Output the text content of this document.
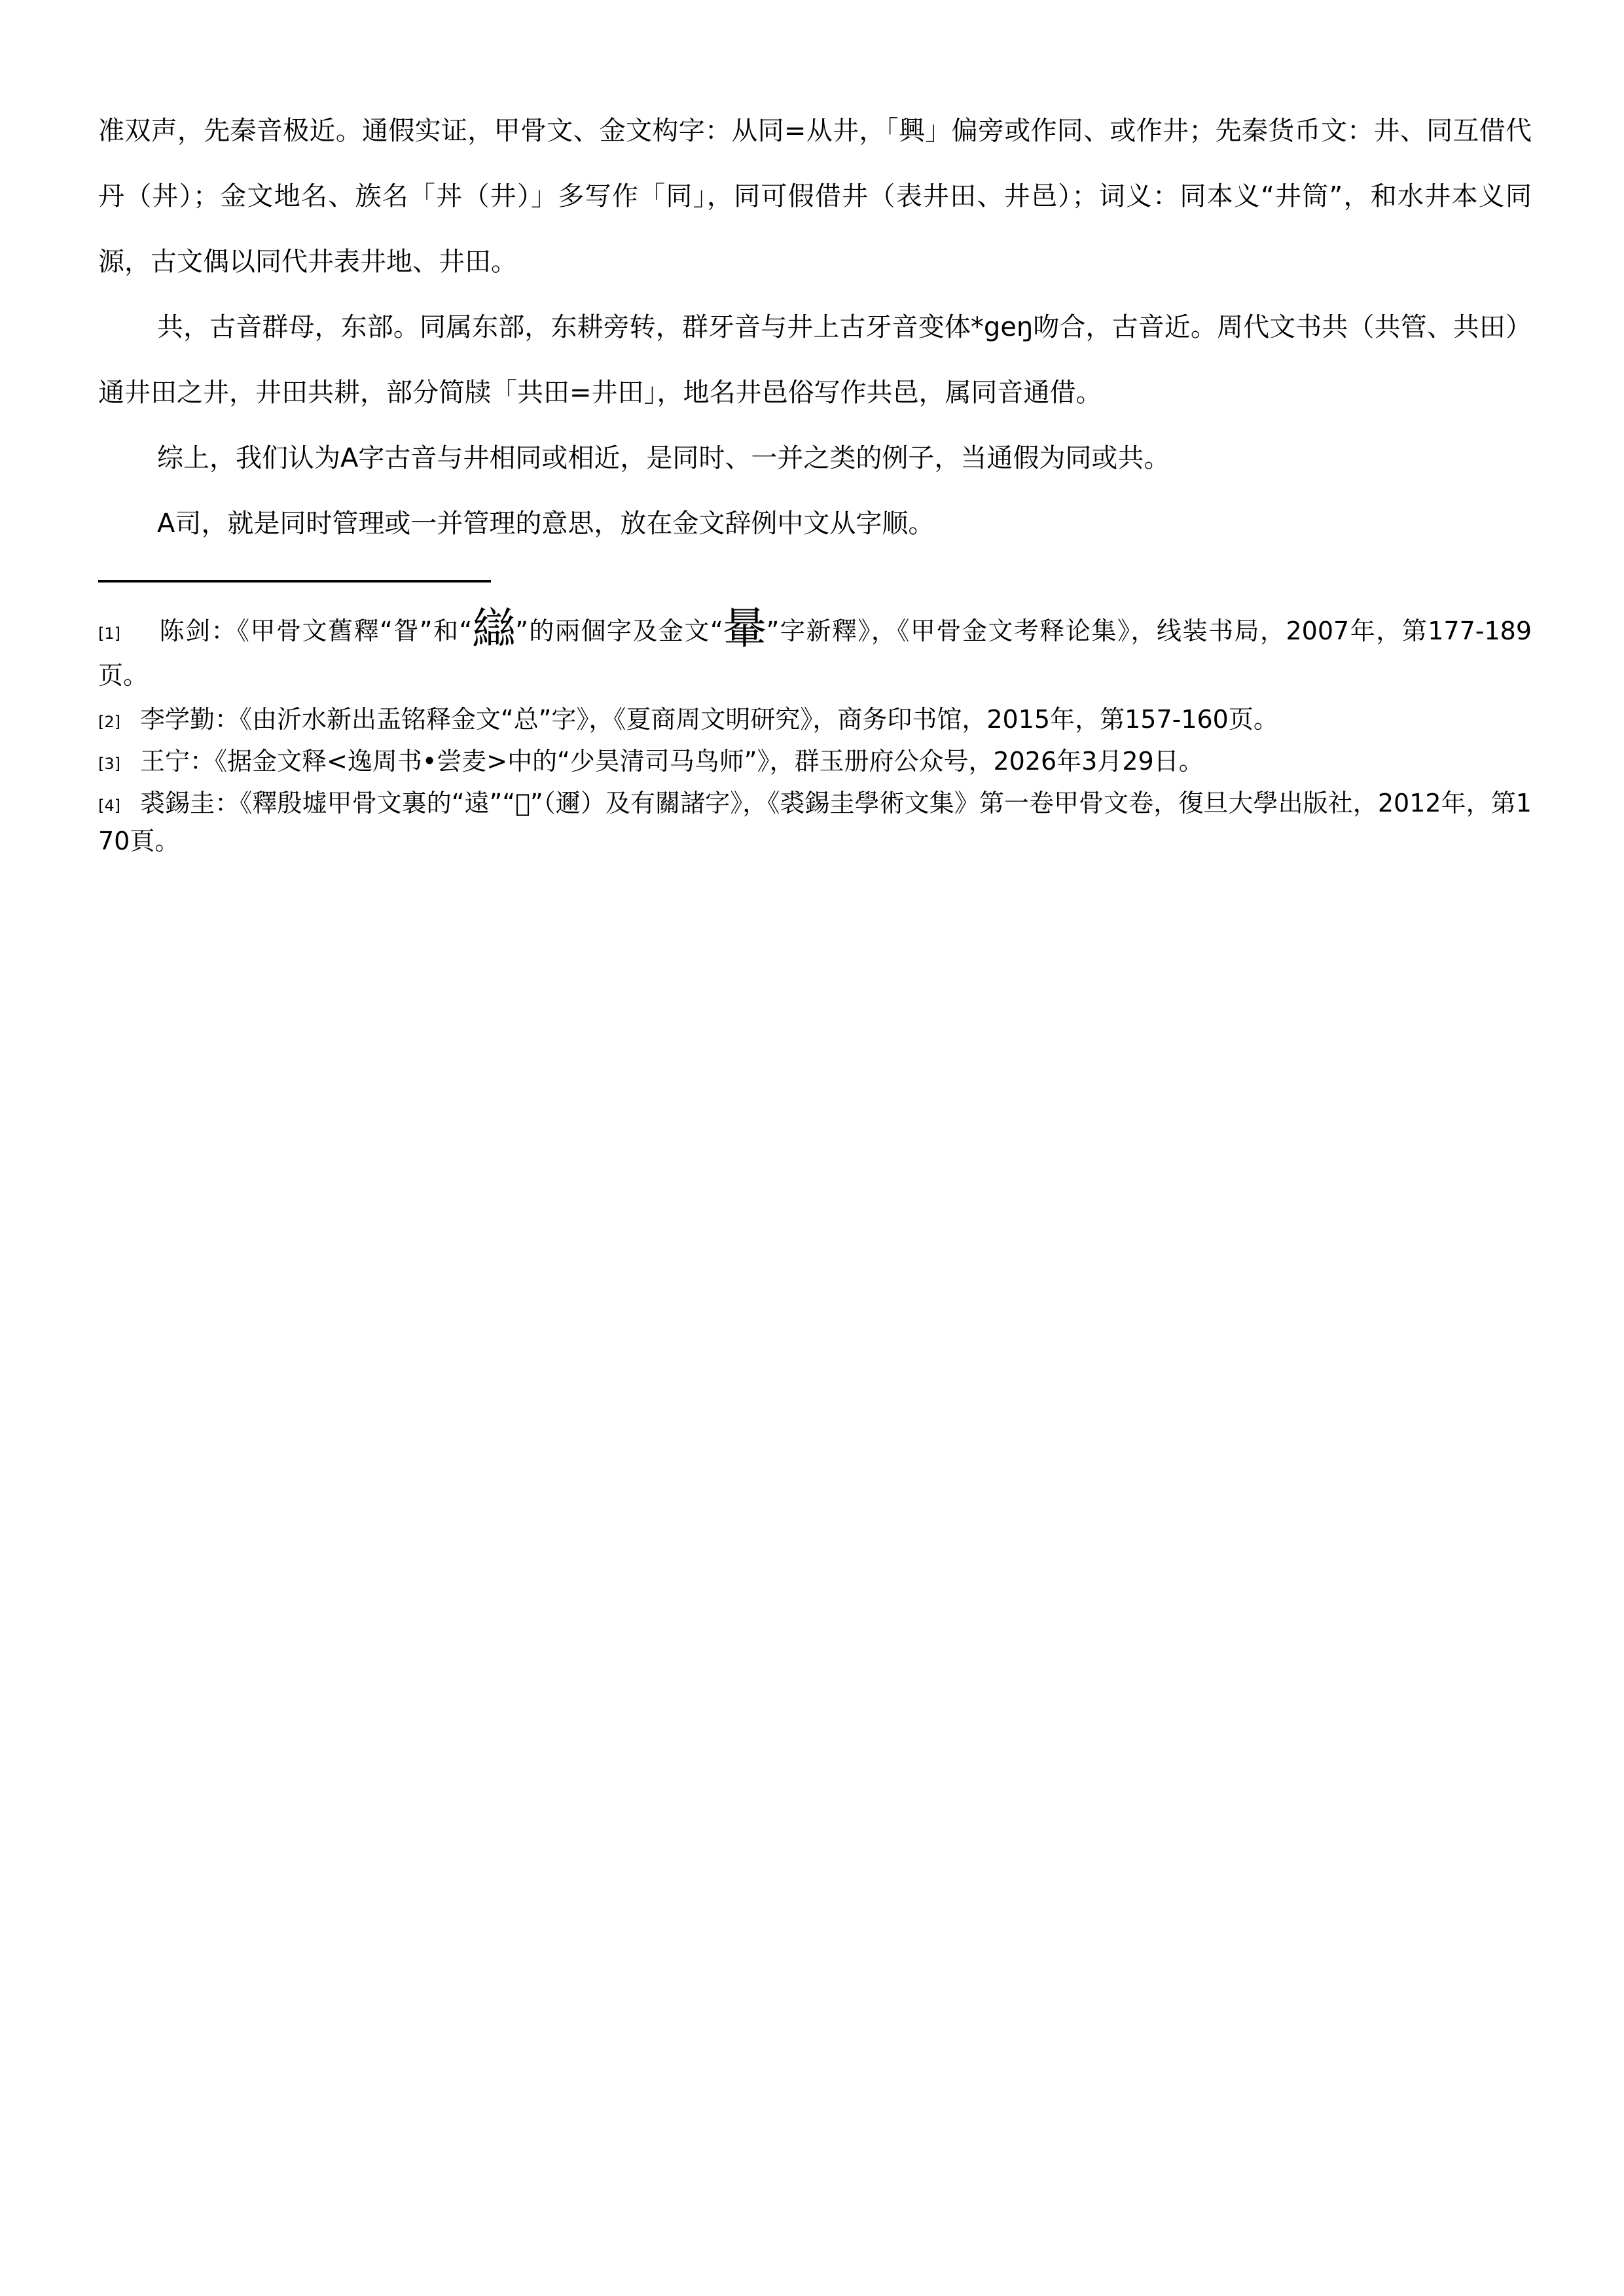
准双声，先秦音极近。通假实证，甲骨文、金文构字：从同=从井，「興」偏旁或作同、或作井；先秦货币文：井、同互借代丹（丼）；金文地名、族名「丼（井）」多写作「同」，同可假借井（表井田、井邑）；词义：同本义“井筒”，和水井本义同源，古文偶以同代井表井地、井田。

共，古音群母，东部。同属东部，东耕旁转，群牙音与井上古牙音变体*geŋ吻合，古音近。周代文书共（共管、共田）通井田之井，井田共耕，部分简牍「共田=井田」，地名井邑俗写作共邑，属同音通借。

综上，我们认为A字古音与井相同或相近，是同时、一并之类的例子，当通假为同或共。

A司，就是同时管理或一并管理的意思，放在金文辞例中文从字顺。

[1] 陈剑：《甲骨文舊釋“眢”和“䜌”的兩個字及金文“䡞”字新釋》，《甲骨金文考释论集》，线装书局，2007年，第177-189页。

[2] 李学勤：《由沂水新出盂铭释金文“总”字》，《夏商周文明研究》，商务印书馆，2015年，第157-160页。

[3] 王宁：《据金文释<逸周书•尝麦>中的“少昊清司马鸟师”》，群玉册府公众号，2026年3月29日。

[4] 裘錫圭：《釋殷墟甲骨文裏的“遠”“𤞷”（邇）及有關諸字》，《裘錫圭學術文集》第一卷甲骨文卷，復旦大學出版社，2012年，第170頁。
